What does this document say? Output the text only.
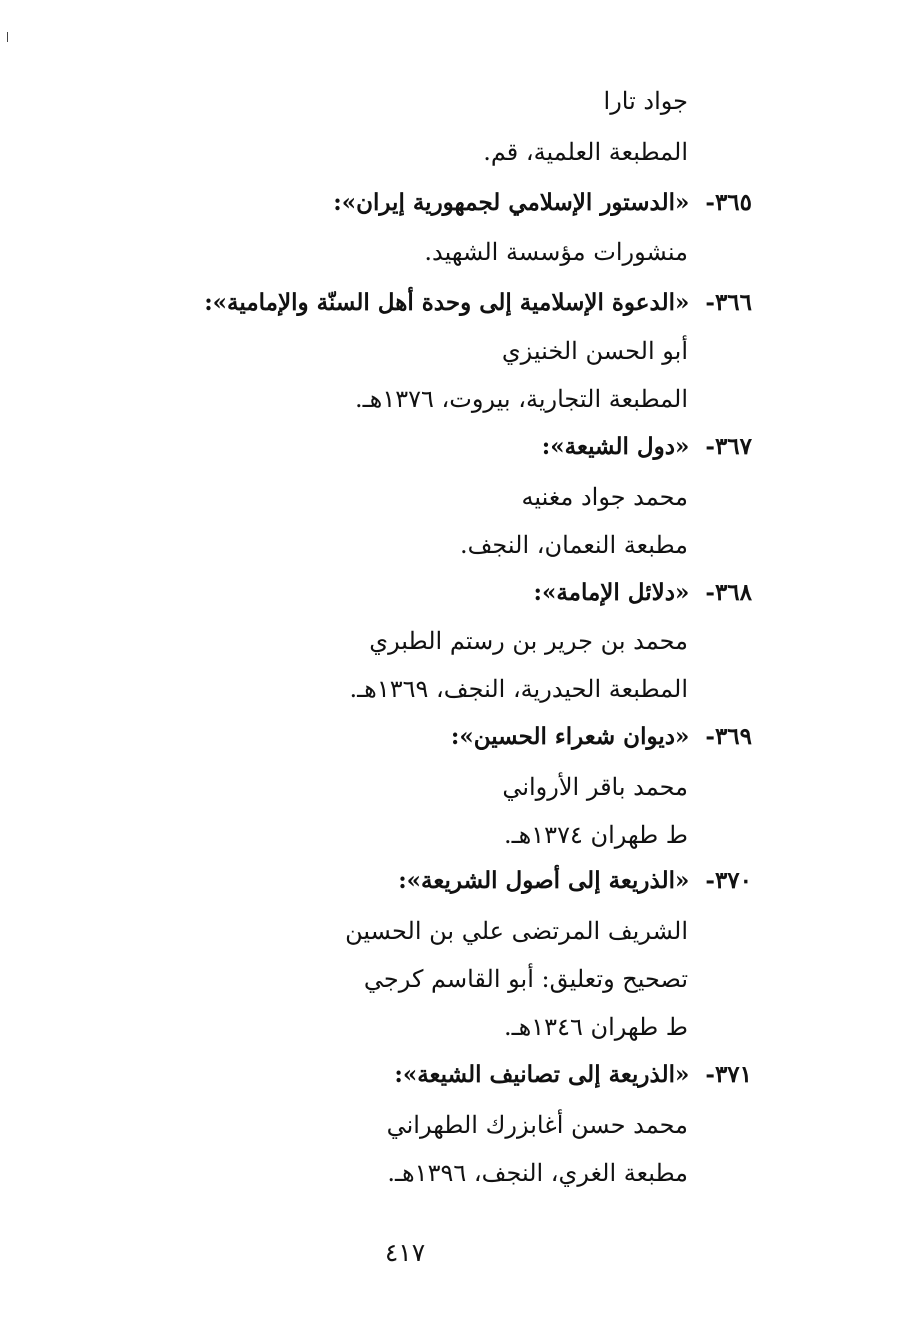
جواد تارا
المطبعة العلمية، قم.
٣٦٥- «الدستور الإسلامي لجمهورية إيران»:
منشورات مؤسسة الشهيد.
٣٦٦- «الدعوة الإسلامية إلى وحدة أهل السنّة والإمامية»:
أبو الحسن الخنيزي
المطبعة التجارية، بيروت، ١٣٧٦هـ.
٣٦٧- «دول الشيعة»:
محمد جواد مغنيه
مطبعة النعمان، النجف.
٣٦٨- «دلائل الإمامة»:
محمد بن جرير بن رستم الطبري
المطبعة الحيدرية، النجف، ١٣٦٩هـ.
٣٦٩- «ديوان شعراء الحسين»:
محمد باقر الأرواني
ط طهران ١٣٧٤هـ.
٣٧٠- «الذريعة إلى أصول الشريعة»:
الشريف المرتضى علي بن الحسين
تصحيح وتعليق: أبو القاسم كرجي
ط طهران ١٣٤٦هـ.
٣٧١- «الذريعة إلى تصانيف الشيعة»:
محمد حسن أغابزرك الطهراني
مطبعة الغري، النجف، ١٣٩٦هـ.
٤١٧
